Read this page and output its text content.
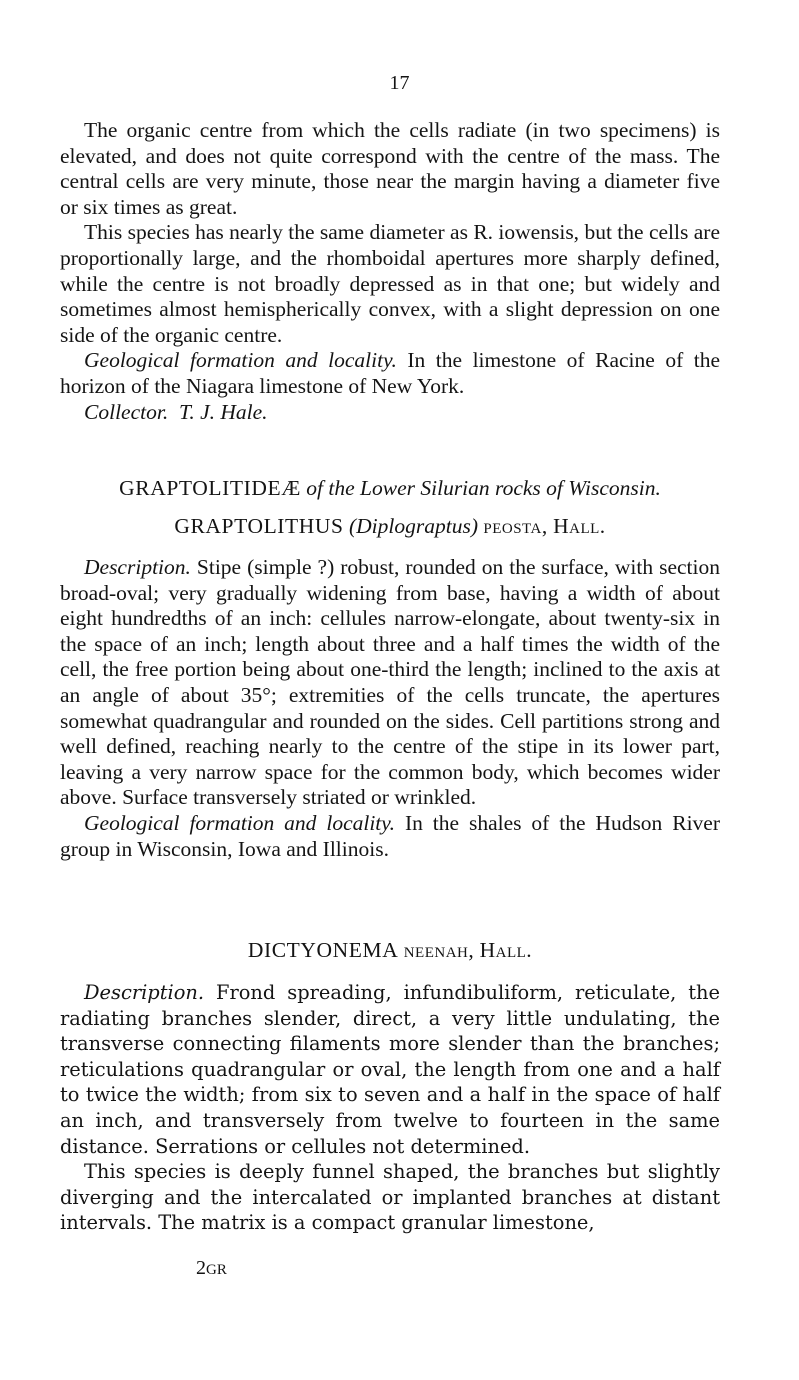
17

The organic centre from which the cells radiate (in two specimens) is elevated, and does not quite correspond with the centre of the mass. The central cells are very minute, those near the margin having a diameter five or six times as great.

This species has nearly the same diameter as R. iowensis, but the cells are proportionally large, and the rhomboidal apertures more sharply defined, while the centre is not broadly depressed as in that one; but widely and sometimes almost hemispherically convex, with a slight depression on one side of the organic centre.

Geological formation and locality. In the limestone of Racine of the horizon of the Niagara limestone of New York.

Collector. T. J. Hale.

GRAPTOLITIDEÆ of the Lower Silurian rocks of Wisconsin.
GRAPTOLITHUS (Diplograptus) peosta, Hall.

Description. Stipe (simple ?) robust, rounded on the surface, with section broad-oval; very gradually widening from base, having a width of about eight hundredths of an inch: cellules narrow-elongate, about twenty-six in the space of an inch; length about three and a half times the width of the cell, the free portion being about one-third the length; inclined to the axis at an angle of about 35°; extremities of the cells truncate, the apertures somewhat quadrangular and rounded on the sides. Cell partitions strong and well defined, reaching nearly to the centre of the stipe in its lower part, leaving a very narrow space for the common body, which becomes wider above. Surface transversely striated or wrinkled.

Geological formation and locality. In the shales of the Hudson River group in Wisconsin, Iowa and Illinois.

DICTYONEMA neenah, Hall.

Description. Frond spreading, infundibuliform, reticulate, the radiating branches slender, direct, a very little undulating, the transverse connecting filaments more slender than the branches; reticulations quadrangular or oval, the length from one and a half to twice the width; from six to seven and a half in the space of half an inch, and transversely from twelve to fourteen in the same distance. Serrations or cellules not determined.

This species is deeply funnel shaped, the branches but slightly diverging and the intercalated or implanted branches at distant intervals. The matrix is a compact granular limestone,

2GR
